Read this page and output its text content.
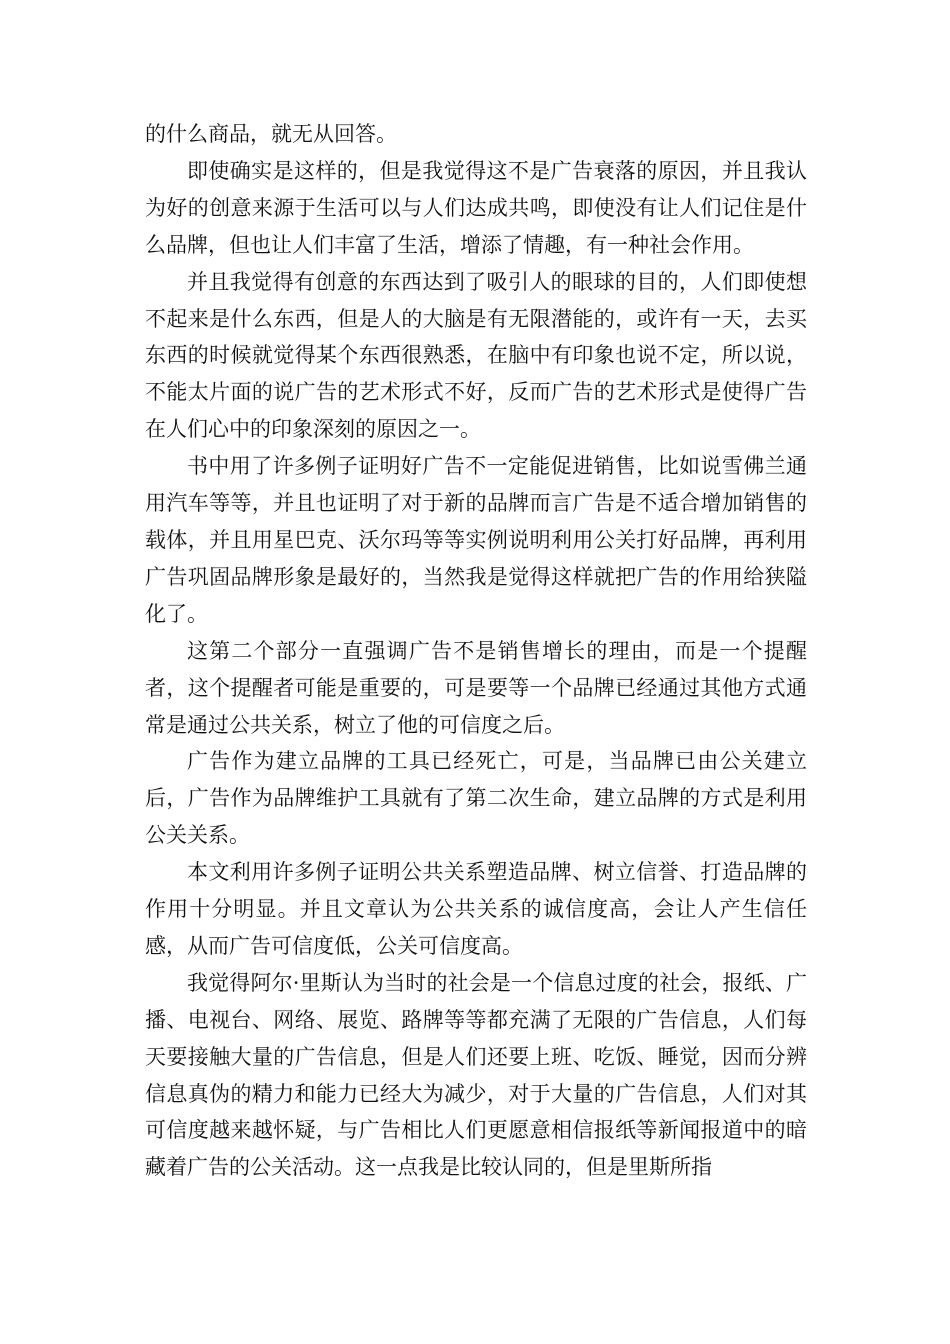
的什么商品，就无从回答。

即使确实是这样的，但是我觉得这不是广告衰落的原因，并且我认为好的创意来源于生活可以与人们达成共鸣，即使没有让人们记住是什么品牌，但也让人们丰富了生活，增添了情趣，有一种社会作用。

并且我觉得有创意的东西达到了吸引人的眼球的目的，人们即使想不起来是什么东西，但是人的大脑是有无限潜能的，或许有一天，去买东西的时候就觉得某个东西很熟悉，在脑中有印象也说不定，所以说，不能太片面的说广告的艺术形式不好，反而广告的艺术形式是使得广告在人们心中的印象深刻的原因之一。

书中用了许多例子证明好广告不一定能促进销售，比如说雪佛兰通用汽车等等，并且也证明了对于新的品牌而言广告是不适合增加销售的载体，并且用星巴克、沃尔玛等等实例说明利用公关打好品牌，再利用广告巩固品牌形象是最好的，当然我是觉得这样就把广告的作用给狭隘化了。

这第二个部分一直强调广告不是销售增长的理由，而是一个提醒者，这个提醒者可能是重要的，可是要等一个品牌已经通过其他方式通常是通过公共关系，树立了他的可信度之后。

广告作为建立品牌的工具已经死亡，可是，当品牌已由公关建立后，广告作为品牌维护工具就有了第二次生命，建立品牌的方式是利用公关关系。

本文利用许多例子证明公共关系塑造品牌、树立信誉、打造品牌的作用十分明显。并且文章认为公共关系的诚信度高，会让人产生信任感，从而广告可信度低，公关可信度高。

我觉得阿尔·里斯认为当时的社会是一个信息过度的社会，报纸、广播、电视台、网络、展览、路牌等等都充满了无限的广告信息，人们每天要接触大量的广告信息，但是人们还要上班、吃饭、睡觉，因而分辨信息真伪的精力和能力已经大为减少，对于大量的广告信息，人们对其可信度越来越怀疑，与广告相比人们更愿意相信报纸等新闻报道中的暗藏着广告的公关活动。这一点我是比较认同的，但是里斯所指
